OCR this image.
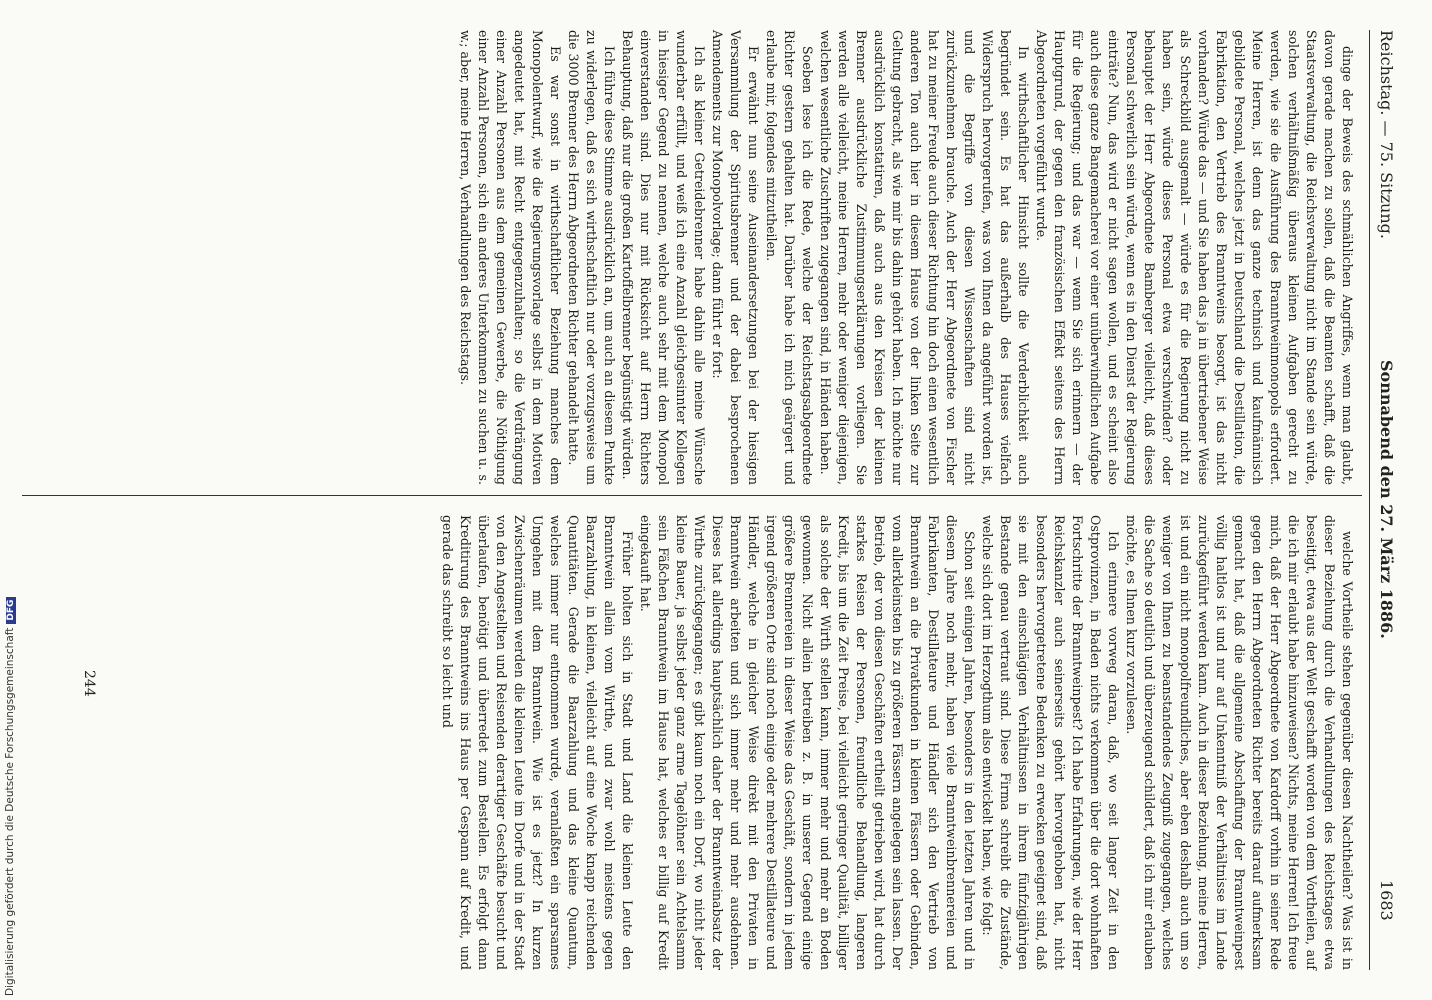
Reichstag. — 75. Sitzung.
Sonnabend den 27. März 1886.
1683

dinge der Beweis des schmählichen Angriffes, wenn man glaubt, davon gerade machen zu sollen, daß die Beamten schafft, daß die Staatsverwaltung, die Reichsverwaltung nicht im Stande sein würde, solchen verhältnißmäßig überaus kleinen Aufgaben gerecht zu werden, wie sie die Ausführung des Branntweinmonopols erfordert. Meine Herren, ist denn das ganze technisch und kaufmännisch gebildete Personal, welches jetzt in Deutschland die Destillation, die Fabrikation, den Vertrieb des Branntweins besorgt, ist das nicht vorhanden? Würde das — und Sie haben das ja in übertriebener Weise als Schreckbild ausgemalt — würde es für die Regierung nicht zu haben sein, würde dieses Personal etwa verschwinden? oder behauptet der Herr Abgeordnete Bamberger vielleicht, daß dieses Personal schwerlich sein würde, wenn es in den Dienst der Regierung einträte? Nun, das wird er nicht sagen wollen, und es scheint also auch diese ganze Bangemacherei vor einer unüberwindlichen Aufgabe für die Regierung; und das war — wenn Sie sich erinnern — der Hauptgrund, der gegen den französischen Effekt seitens des Herrn Abgeordneten vorgeführt wurde.

In wirthschaftlicher Hinsicht sollte die Verderblichkeit auch begründet sein. Es hat das außerhalb des Hauses vielfach Widerspruch hervorgerufen, was von Ihnen da angeführt worden ist, und die Begriffe von diesen Wissenschaften sind nicht zurückzunehmen brauche. Auch der Herr Abgeordnete von Fischer hat zu meiner Freude auch dieser Richtung hin doch einen wesentlich anderen Ton auch hier in diesem Hause von der linken Seite zur Geltung gebracht, als wie mir bis dahin gehört haben. Ich möchte nur ausdrücklich konstatiren, daß auch aus den Kreisen der kleinen Brenner ausdrückliche Zustimmungserklärungen vorliegen. Sie werden alle vielleicht, meine Herren, mehr oder weniger diejenigen, welchen wesentliche Zuschriften zugegangen sind, in Händen haben.

Soeben lese ich die Rede, welche der Reichstagsabgeordnete Richter gestern gehalten hat. Darüber habe ich mich geärgert und erlaube mir, folgendes mitzutheilen.

Er erwähnt nun seine Auseinandersetzungen bei der hiesigen Versammlung der Spiritusbrenner und der dabei besprochenen Amendements zur Monopolvorlage; dann führt er fort:

Ich als kleiner Getreidebrenner habe dahin alle meine Wünsche wunderbar erfüllt, und weiß ich eine Anzahl gleichgesinnter Kollegen in hiesiger Gegend zu nennen, welche auch sehr mit dem Monopol einverstanden sind. Dies nur mit Rücksicht auf Herrn Richters Behauptung, daß nur die großen Kartoffelbrenner begünstigt würden.

Ich führe diese Stimme ausdrücklich an, um auch an diesem Punkte zu widerlegen, daß es sich wirthschaftlich nur oder vorzugsweise um die 3000 Brenner des Herrn Abgeordneten Richter gehandelt hatte.

Es war sonst in wirthschaftlicher Beziehung manches dem Monopolentwurf, wie die Regierungsvorlage selbst in dem Motiven angedeutet hat, mit Recht entgegenzuhalten; so die Verdrängung einer Anzahl Personen aus dem gemeinen Gewerbe, die Nöthigung einer Anzahl Personen, sich ein anderes Unterkommen zu suchen u. s. w.; aber, meine Herren, Verhandlungen des Reichstags.

welche Vortheile stehen gegenüber diesen Nachtheilen? Was ist in dieser Beziehung durch die Verhandlungen des Reichstages etwa beseitigt, etwa aus der Welt geschafft worden von dem Vortheilen, auf die ich mir erlaubt habe hinzuweisen? Nichts, meine Herren! Ich freue mich, daß der Herr Abgeordnete von Kardorff vorhin in seiner Rede gegen den Herrn Abgeordneten Richter bereits darauf aufmerksam gemacht hat, daß die allgemeine Abschaffung der Branntweinpest völlig haltlos ist und nur auf Unkenntniß der Verhältnisse im Lande zurückgeführt werden kann. Auch in dieser Beziehung, meine Herren, ist und ein nicht monopolfreundliches, aber eben deshalb auch um so weniger von Ihnen zu beanstandendes Zeugniß zugegangen, welches die Sache so deutlich und überzeugend schildert, daß ich mir erlauben möchte, es Ihnen kurz vorzulesen.

Ich erinnere vorweg daran, daß, wo seit langer Zeit in den Ostprovinzen, in Baden nichts verkommen über die dort wohnhaften Fortschritte der Branntweinpest? Ich habe Erfahrungen, wie der Herr Reichskanzler auch seinerseits gehört hervorgehoben hat, nicht besonders hervorgetretene Bedenken zu erwecken geeignet sind, daß sie mit den einschlägigen Verhältnissen in ihrem fünfzigjährigen Bestande genau vertraut sind. Diese Firma schreibt die Zustände, welche sich dort im Herzogthum also entwickelt haben, wie folgt:

Schon seit einigen Jahren, besonders in den letzten Jahren und in diesem Jahre noch mehr, haben viele Branntweinbrennereien und Fabrikanten, Destillateure und Händler sich den Vertrieb von Branntwein an die Privatkunden in kleinen Fässern oder Gebinden, vom allerkleinsten bis zu größeren Fässern angelegen sein lassen. Der Betrieb, der von diesen Geschäften ertheilt getrieben wird, hat durch starkes Reisen der Personen, freundliche Behandlung, langeren Kredit, bis um die Zeit Preise, bei vielleicht geringer Qualität, billiger als solche der Wirth stellen kann, immer mehr und mehr an Boden gewonnen. Nicht allein betreiben z. B. in unserer Gegend einige größere Brennereien in dieser Weise das Geschäft, sondern in jedem irgend größeren Orte sind noch einige oder mehrere Destillateure und Händler, welche in gleicher Weise direkt mit den Privaten in Branntwein arbeiten und sich immer mehr und mehr ausdehnen. Dieses hat allerdings hauptsächlich daher der Branntweinabsatz der Wirthe zurückgegangen; es gibt kaum noch ein Dorf, wo nicht jeder kleine Bauer, ja selbst jeder ganz arme Tagelöhner sein Achtelsamm sein Fäßchen Branntwein im Hause hat, welches er billig auf Kredit eingekauft hat.

Früher holten sich in Stadt und Land die kleinen Leute den Branntwein allein vom Wirthe, und zwar wohl meistens gegen Baarzahlung, in kleinen, vielleicht auf eine Woche knapp reichenden Quantitäten. Gerade die Baarzahlung und das kleine Quantum, welches immer nur entnommen wurde, veranlaßten ein sparsames Umgehen mit dem Branntwein. Wie ist es jetzt? In kurzen Zwischenräumen werden die kleinen Leute im Dorfe und in der Stadt von den Angestellten und Reisenden derartiger Geschäfte besucht und überlaufen, benötigt und überredet zum Bestellen. Es erfolgt dann Kreditirung des Branntweins ins Haus per Gespann auf Kredit, und gerade das schreibt so leicht und

244
Digitalisierung gefördert durch die Deutsche ForschungsgemeinschaftDFG
